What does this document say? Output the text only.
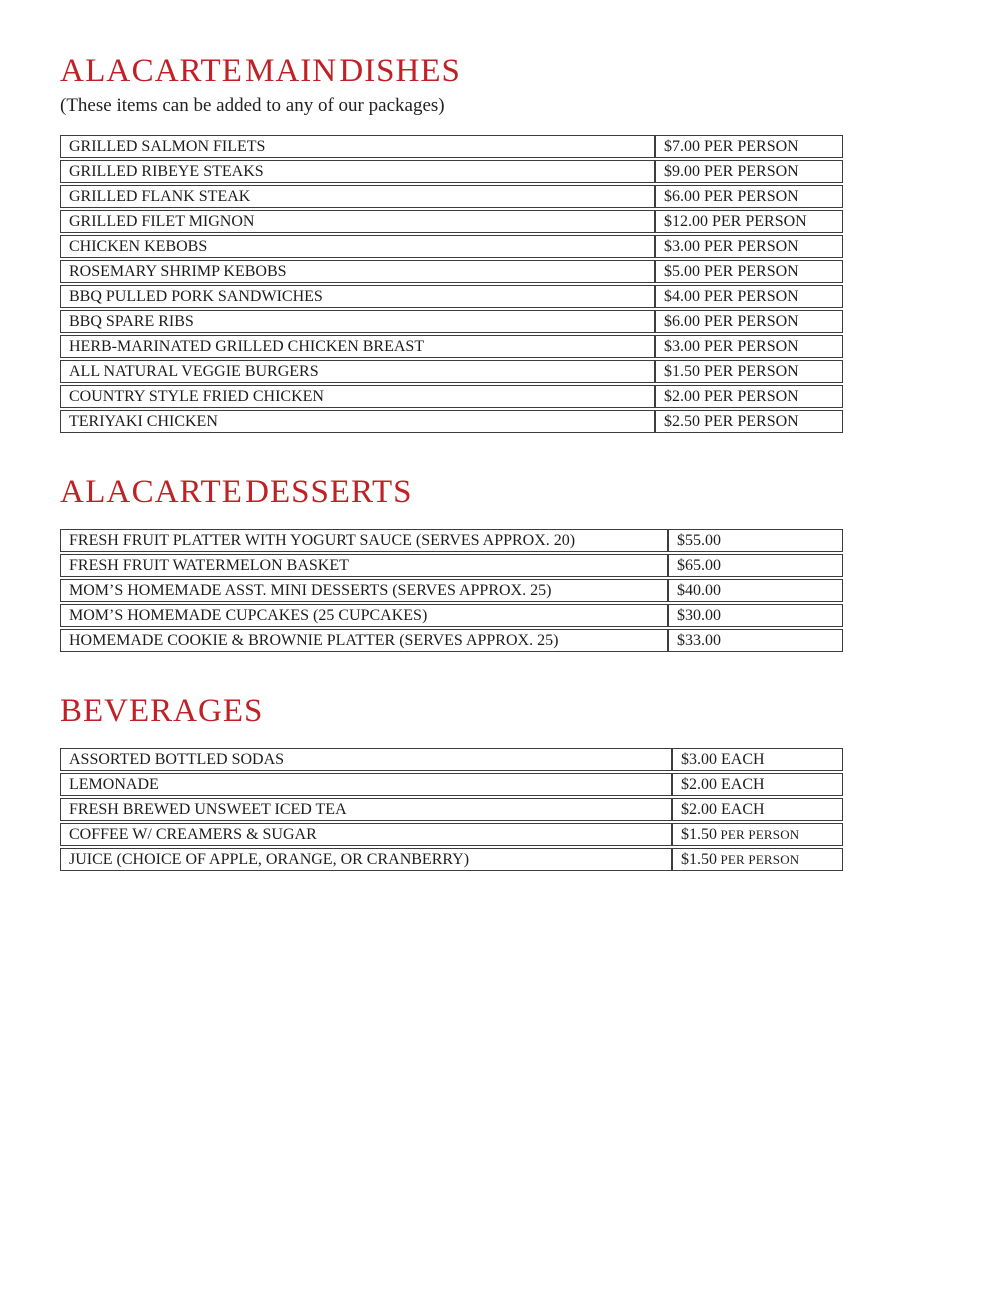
A LA CARTE MAIN DISHES

(These items can be added to any of our packages)

GRILLED SALMON FILETS	$7.00 PER PERSON
GRILLED RIBEYE STEAKS	$9.00 PER PERSON
GRILLED FLANK STEAK	$6.00 PER PERSON
GRILLED FILET MIGNON	$12.00 PER PERSON
CHICKEN KEBOBS	$3.00 PER PERSON
ROSEMARY SHRIMP KEBOBS	$5.00 PER PERSON
BBQ PULLED PORK SANDWICHES	$4.00 PER PERSON
BBQ SPARE RIBS	$6.00 PER PERSON
HERB-MARINATED GRILLED CHICKEN BREAST	$3.00 PER PERSON
ALL NATURAL VEGGIE BURGERS	$1.50 PER PERSON
COUNTRY STYLE FRIED CHICKEN	$2.00 PER PERSON
TERIYAKI CHICKEN	$2.50 PER PERSON
A LA CARTE DESSERTS
FRESH FRUIT PLATTER WITH YOGURT SAUCE (SERVES APPROX. 20)	$55.00
FRESH FRUIT WATERMELON BASKET	$65.00
MOM’S HOMEMADE ASST. MINI DESSERTS (SERVES APPROX. 25)	$40.00
MOM’S HOMEMADE CUPCAKES (25 CUPCAKES)	$30.00
HOMEMADE COOKIE & BROWNIE PLATTER (SERVES APPROX. 25)	$33.00
BEVERAGES
ASSORTED BOTTLED SODAS	$3.00 EACH
LEMONADE	$2.00 EACH
FRESH BREWED UNSWEET ICED TEA	$2.00 EACH
COFFEE W/ CREAMERS & SUGAR	$1.50 PER PERSON
JUICE (CHOICE OF APPLE, ORANGE, OR CRANBERRY)	$1.50 PER PERSON
